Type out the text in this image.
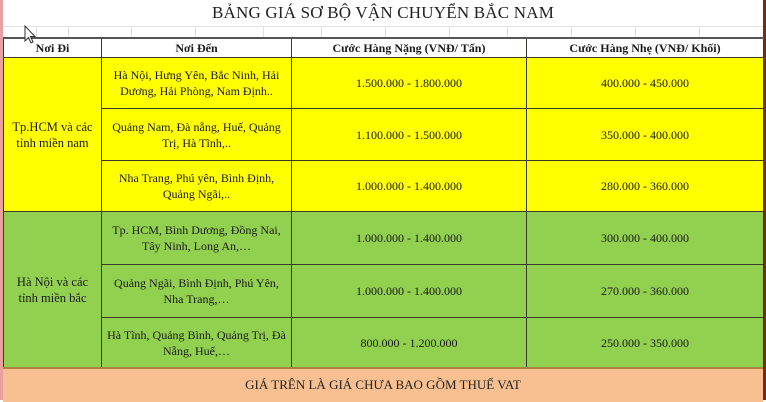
BẢNG GIÁ SƠ BỘ VẬN CHUYỂN BẮC NAM
Nơi Đi	Nơi Đến	Cước Hàng Nặng (VNĐ/ Tấn)	Cước Hàng Nhẹ (VNĐ/ Khối)
Tp.HCM và các tỉnh miền nam	Hà Nội, Hưng Yên, Bắc Ninh, Hải Dương, Hải Phòng, Nam Định..	1.500.000 - 1.800.000	400.000 - 450.000
	Quảng Nam, Đà nẵng, Huế, Quảng Trị, Hà Tĩnh,..	1.100.000 - 1.500.000	350.000 - 400.000
	Nha Trang, Phú yên, Bình Định, Quảng Ngãi,..	1.000.000 - 1.400.000	280.000 - 360.000
Hà Nội và các tỉnh miền bắc	Tp. HCM, Bình Dương, Đồng Nai, Tây Ninh, Long An,…	1.000.000 - 1.400.000	300.000 - 400.000
	Quảng Ngãi, Bình Định, Phú Yên, Nha Trang,…	1.000.000 - 1.400.000	270.000 - 360.000
	Hà Tĩnh, Quảng Bình, Quảng Trị, Đà Nẵng, Huế,…	800.000 - 1.200.000	250.000 - 350.000
GIÁ TRÊN LÀ GIÁ CHƯA BAO GỒM THUẾ VAT
